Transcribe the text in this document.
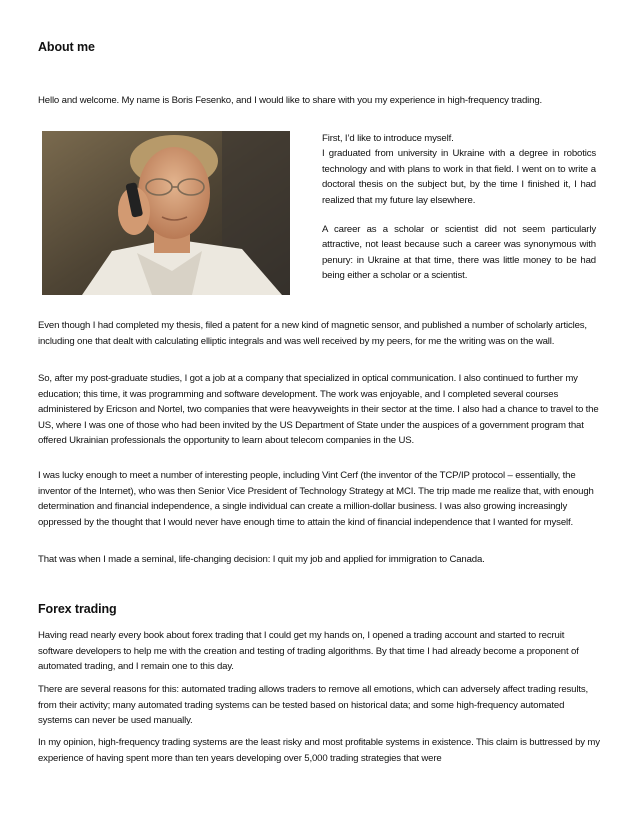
About me

Hello and welcome. My name is Boris Fesenko, and I would like to share with you my experience in high-frequency trading.

First, I’d like to introduce myself.
I graduated from university in Ukraine with a degree in robotics technology and with plans to work in that field. I went on to write a doctoral thesis on the subject but, by the time I finished it, I had realized that my future lay elsewhere.

A career as a scholar or scientist did not seem particularly attractive, not least because such a career was synonymous with penury: in Ukraine at that time, there was little money to be had being either a scholar or a scientist.

Even though I had completed my thesis, filed a patent for a new kind of magnetic sensor, and published a number of scholarly articles, including one that dealt with calculating elliptic integrals and was well received by my peers, for me the writing was on the wall.

So, after my post-graduate studies, I got a job at a company that specialized in optical communication. I also continued to further my education; this time, it was programming and software development. The work was enjoyable, and I completed several courses administered by Ericson and Nortel, two companies that were heavyweights in their sector at the time. I also had a chance to travel to the US, where I was one of those who had been invited by the US Department of State under the auspices of a government program that offered Ukrainian professionals the opportunity to learn about telecom companies in the US.

I was lucky enough to meet a number of interesting people, including Vint Cerf (the inventor of the TCP/IP protocol – essentially, the inventor of the Internet), who was then Senior Vice President of Technology Strategy at MCI. The trip made me realize that, with enough determination and financial independence, a single individual can create a million-dollar business. I was also growing increasingly oppressed by the thought that I would never have enough time to attain the kind of financial independence that I wanted for myself.

That was when I made a seminal, life-changing decision: I quit my job and applied for immigration to Canada.

Forex trading

Having read nearly every book about forex trading that I could get my hands on, I opened a trading account and started to recruit software developers to help me with the creation and testing of trading algorithms. By that time I had already become a proponent of automated trading, and I remain one to this day.

There are several reasons for this: automated trading allows traders to remove all emotions, which can adversely affect trading results, from their activity; many automated trading systems can be tested based on historical data; and some high-frequency automated systems can never be used manually.

In my opinion, high-frequency trading systems are the least risky and most profitable systems in existence. This claim is buttressed by my experience of having spent more than ten years developing over 5,000 trading strategies that were
